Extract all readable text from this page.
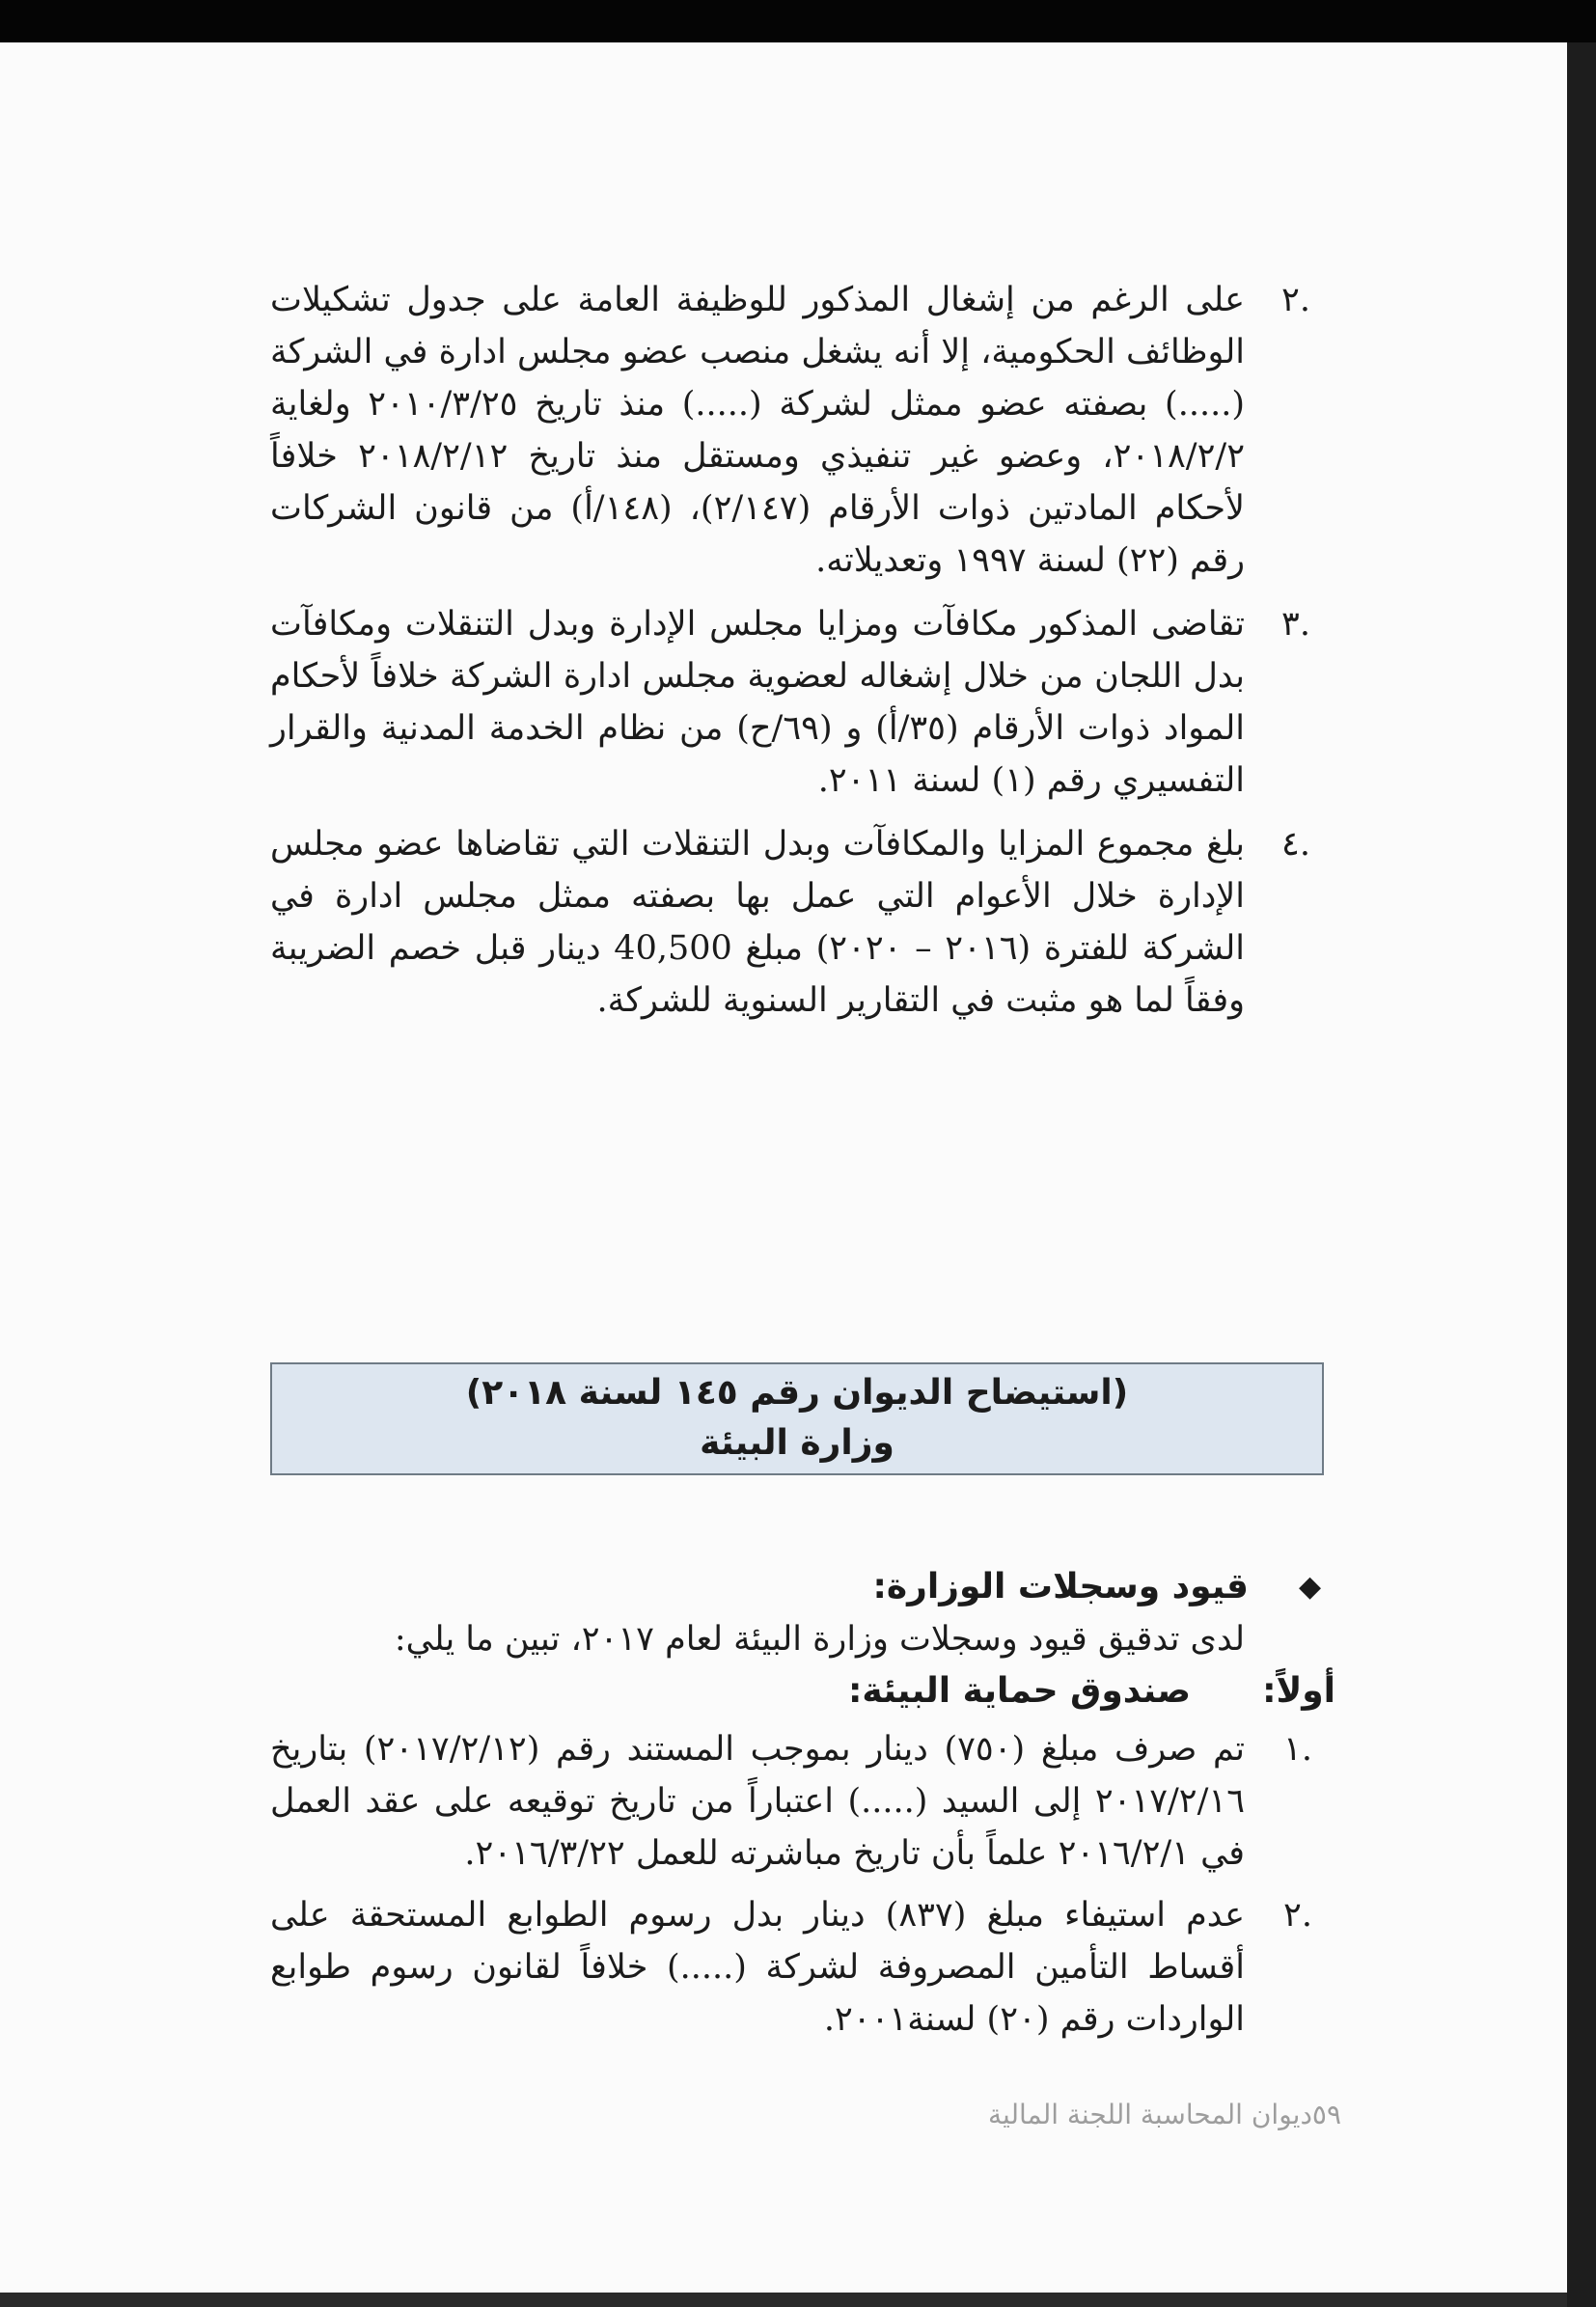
.٢

على الرغم من إشغال المذكور للوظيفة العامة على جدول تشكيلات الوظائف الحكومية، إلا أنه يشغل منصب عضو مجلس ادارة في الشركة (.....) بصفته عضو ممثل لشركة (.....) منذ تاريخ ٢٠١٠/٣/٢٥ ولغاية ٢٠١٨/٢/٢، وعضو غير تنفيذي ومستقل منذ تاريخ ٢٠١٨/٢/١٢ خلافاً لأحكام المادتين ذوات الأرقام (٢/١٤٧)، (١٤٨/أ) من قانون الشركات رقم (٢٢) لسنة ١٩٩٧ وتعديلاته.

.٣

تقاضى المذكور مكافآت ومزايا مجلس الإدارة وبدل التنقلات ومكافآت بدل اللجان من خلال إشغاله لعضوية مجلس ادارة الشركة خلافاً لأحكام المواد ذوات الأرقام (٣٥/أ) و (٦٩/ح) من نظام الخدمة المدنية والقرار التفسيري رقم (١) لسنة ٢٠١١.

.٤

بلغ مجموع المزايا والمكافآت وبدل التنقلات التي تقاضاها عضو مجلس الإدارة خلال الأعوام التي عمل بها بصفته ممثل مجلس ادارة في الشركة للفترة (٢٠١٦ – ٢٠٢٠) مبلغ 40,500 دينار قبل خصم الضريبة وفقاً لما هو مثبت في التقارير السنوية للشركة.

(استيضاح الديوان رقم ١٤٥ لسنة ٢٠١٨)
وزارة البيئة
◆
قيود وسجلات الوزارة:

لدى تدقيق قيود وسجلات وزارة البيئة لعام ٢٠١٧، تبين ما يلي:

أولاً:
صندوق حماية البيئة:
.١

تم صرف مبلغ (٧٥٠) دينار بموجب المستند رقم (٢٠١٧/٢/١٢) بتاريخ ٢٠١٧/٢/١٦ إلى السيد (.....) اعتباراً من تاريخ توقيعه على عقد العمل في ٢٠١٦/٢/١ علماً بأن تاريخ مباشرته للعمل ٢٠١٦/٣/٢٢.

.٢

عدم استيفاء مبلغ (٨٣٧) دينار بدل رسوم الطوابع المستحقة على أقساط التأمين المصروفة لشركة (.....) خلافاً لقانون رسوم طوابع الواردات رقم (٢٠) لسنة٢٠٠١.

٥٩ديوان المحاسبة اللجنة المالية
